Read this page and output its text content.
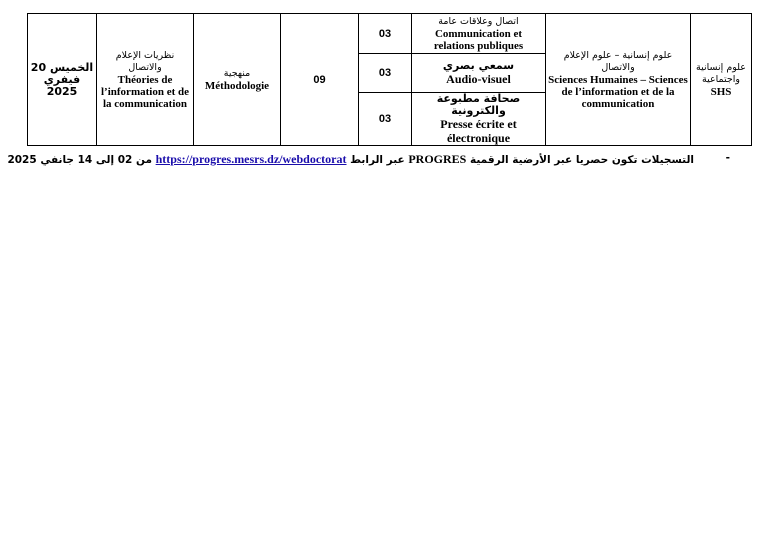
الخميس 20
فيفري 2025	نظريات الإعلام والاتصال
Théories de l’information et de la communication	منهجية
Méthodologie	09	03	اتصال وعلاقات عامة
Communication et relations publiques	علوم إنسانية – علوم الإعلام والاتصال
Sciences Humaines – Sciences de l’information et de la communication	علوم إنسانية واجتماعية
SHS

				03	سمعي بصري
Audio-visuel		

				03	صحافة مطبوعة والكترونية
Presse écrite et électronique		
-
التسجيلات تكون حصريا عبر الأرضية الرقمية PROGRES عبر الرابط https://progres.mesrs.dz/webdoctorat من 02 إلى 14 جانفي 2025
